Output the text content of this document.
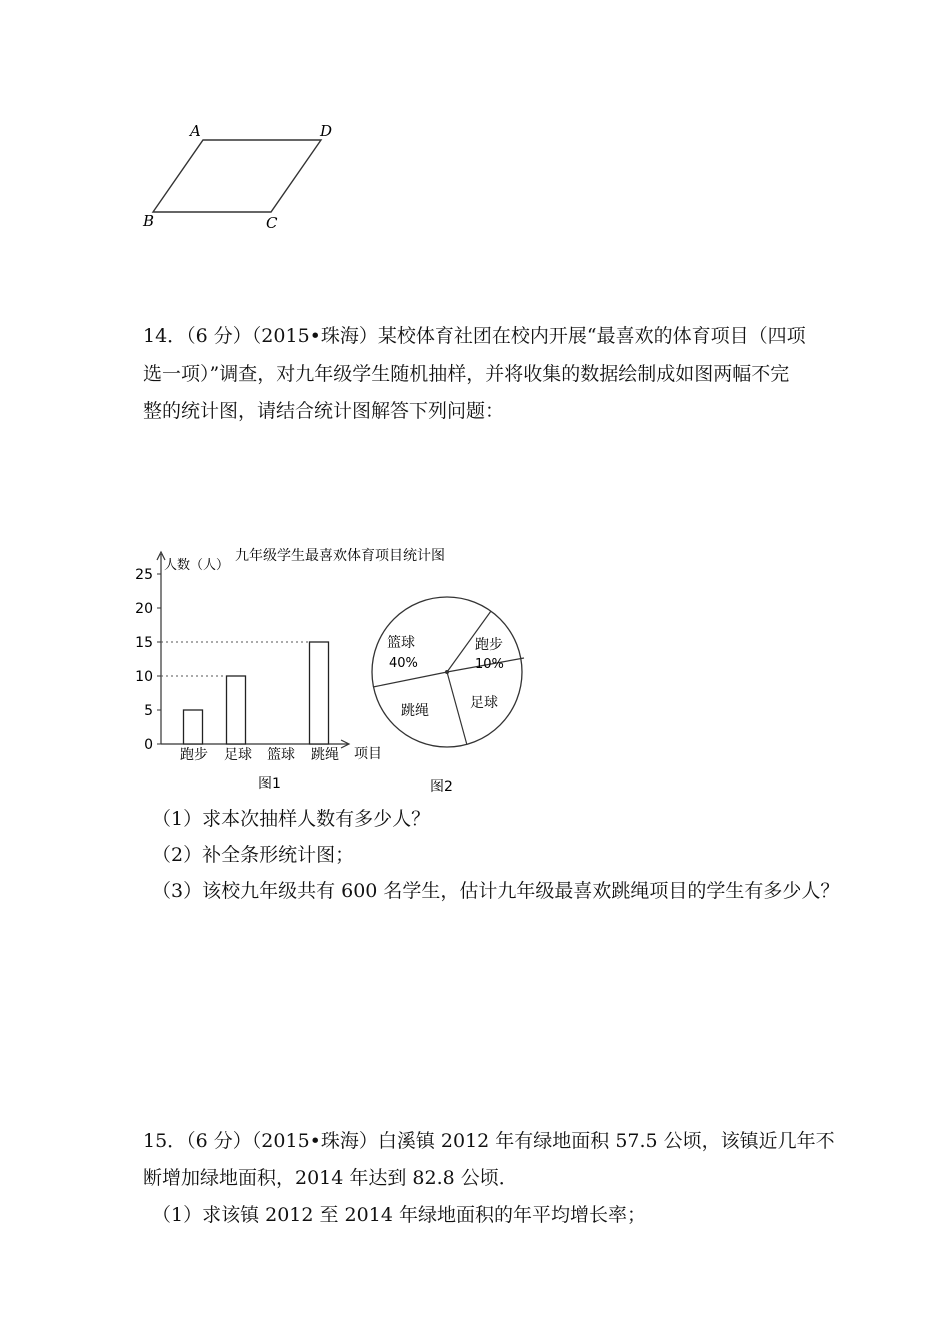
A	D
B	C
14．（6 分）（2015•珠海）某校体育社团在校内开展“最喜欢的体育项目（四项
选一项）”调查，对九年级学生随机抽样，并将收集的数据绘制成如图两幅不完
整的统计图，请结合统计图解答下列问题：
人数（人）
九年级学生最喜欢体育项目统计图
项目
0
5
10
15
20
25
跑步 足球 篮球 跳绳
图1
篮球
40%
跑步
10%
足球
跳绳
图2
（1）求本次抽样人数有多少人？
（2）补全条形统计图；
（3）该校九年级共有 600 名学生，估计九年级最喜欢跳绳项目的学生有多少人？
15．（6 分）（2015•珠海）白溪镇 2012 年有绿地面积 57.5 公顷，该镇近几年不
断增加绿地面积，2014 年达到 82.8 公顷．
（1）求该镇 2012 至 2014 年绿地面积的年平均增长率；
